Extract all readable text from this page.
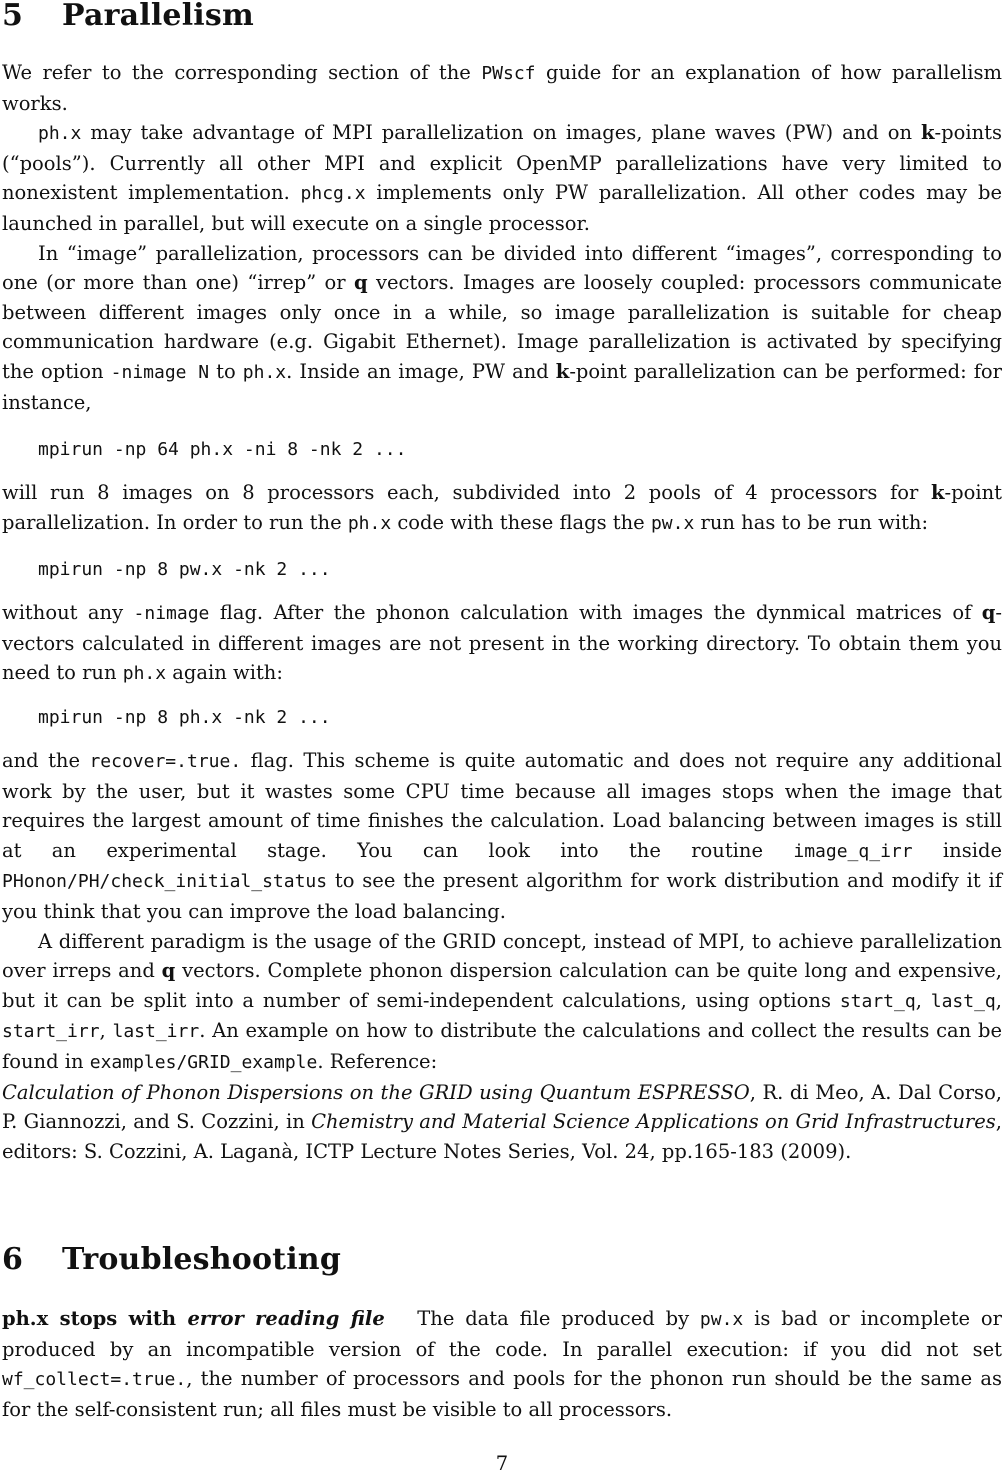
5 Parallelism

We refer to the corresponding section of the PWscf guide for an explanation of how parallelism works.

ph.x may take advantage of MPI parallelization on images, plane waves (PW) and on k-points (“pools”). Currently all other MPI and explicit OpenMP parallelizations have very limited to nonexistent implementation. phcg.x implements only PW parallelization. All other codes may be launched in parallel, but will execute on a single processor.

In “image” parallelization, processors can be divided into different “images”, corresponding to one (or more than one) “irrep” or q vectors. Images are loosely coupled: processors communicate between different images only once in a while, so image parallelization is suitable for cheap communication hardware (e.g. Gigabit Ethernet). Image parallelization is activated by specifying the option -nimage N to ph.x. Inside an image, PW and k-point parallelization can be performed: for instance,

mpirun -np 64 ph.x -ni 8 -nk 2 ...

will run 8 images on 8 processors each, subdivided into 2 pools of 4 processors for k-point parallelization. In order to run the ph.x code with these flags the pw.x run has to be run with:

mpirun -np 8 pw.x -nk 2 ...

without any -nimage flag. After the phonon calculation with images the dynmical matrices of q-vectors calculated in different images are not present in the working directory. To obtain them you need to run ph.x again with:

mpirun -np 8 ph.x -nk 2 ...

and the recover=.true. flag. This scheme is quite automatic and does not require any additional work by the user, but it wastes some CPU time because all images stops when the image that requires the largest amount of time finishes the calculation. Load balancing between images is still at an experimental stage. You can look into the routine image_q_irr inside PHonon/PH/check_initial_status to see the present algorithm for work distribution and modify it if you think that you can improve the load balancing.

A different paradigm is the usage of the GRID concept, instead of MPI, to achieve parallelization over irreps and q vectors. Complete phonon dispersion calculation can be quite long and expensive, but it can be split into a number of semi-independent calculations, using options start_q, last_q, start_irr, last_irr. An example on how to distribute the calculations and collect the results can be found in examples/GRID_example. Reference:

Calculation of Phonon Dispersions on the GRID using Quantum ESPRESSO, R. di Meo, A. Dal Corso, P. Giannozzi, and S. Cozzini, in Chemistry and Material Science Applications on Grid Infrastructures, editors: S. Cozzini, A. Laganà, ICTP Lecture Notes Series, Vol. 24, pp.165-183 (2009).

6 Troubleshooting

ph.x stops with error reading file   The data file produced by pw.x is bad or incomplete or produced by an incompatible version of the code. In parallel execution: if you did not set wf_collect=.true., the number of processors and pools for the phonon run should be the same as for the self-consistent run; all files must be visible to all processors.

7
